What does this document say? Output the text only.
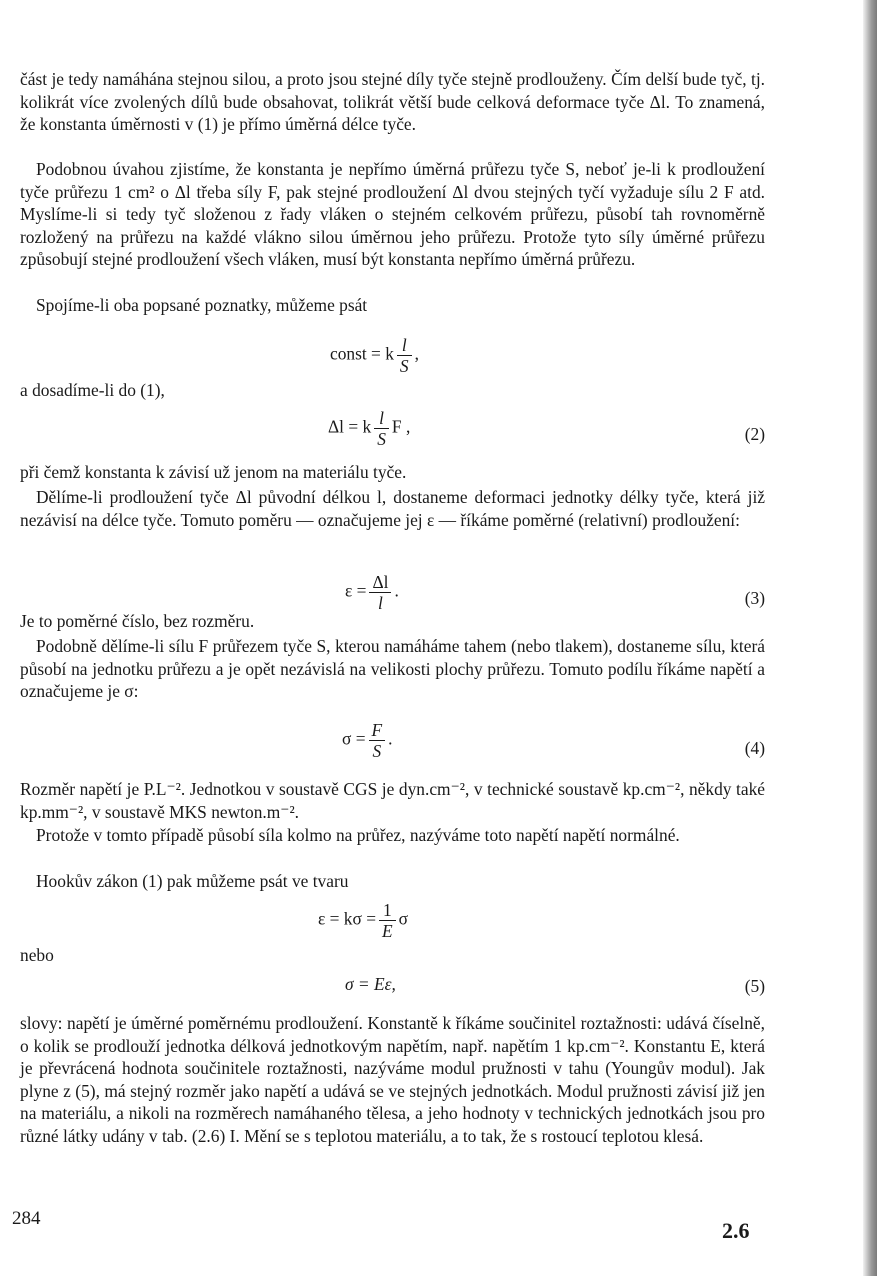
část je tedy namáhána stejnou silou, a proto jsou stejné díly tyče stejně prodlouženy. Čím delší bude tyč, tj. kolikrát více zvolených dílů bude obsahovat, tolikrát větší bude celková deformace tyče Δl. To znamená, že konstanta úměrnosti v (1) je přímo úměrná délce tyče.

Podobnou úvahou zjistíme, že konstanta je nepřímo úměrná průřezu tyče S, neboť je-li k prodloužení tyče průřezu 1 cm² o Δl třeba síly F, pak stejné prodloužení Δl dvou stejných tyčí vyžaduje sílu 2 F atd. Myslíme-li si tedy tyč složenou z řady vláken o stejném celkovém průřezu, působí tah rovnoměrně rozložený na průřezu na každé vlákno silou úměrnou jeho průřezu. Protože tyto síly úměrné průřezu způsobují stejné prodloužení všech vláken, musí být konstanta nepřímo úměrná průřezu.

Spojíme-li oba popsané poznatky, můžeme psát

const = k $\frac{l}{S}$ ,

a dosadíme-li do (1),

Δl = k $\frac{l}{S}$ F ,	(2)

při čemž konstanta k závisí už jenom na materiálu tyče.

Dělíme-li prodloužení tyče Δl původní délkou l, dostaneme deformaci jednotky délky tyče, která již nezávisí na délce tyče. Tomuto poměru — označujeme jej ε — říkáme poměrné (relativní) prodloužení:

$\varepsilon = \frac{\Delta l}{l}$ .	(3)

Je to poměrné číslo, bez rozměru.

Podobně dělíme-li sílu F průřezem tyče S, kterou namáháme tahem (nebo tlakem), dostaneme sílu, která působí na jednotku průřezu a je opět nezávislá na velikosti plochy průřezu. Tomuto podílu říkáme napětí a označujeme je σ:

$\sigma = \frac{F}{S}$ .	(4)

Rozměr napětí je P.L⁻². Jednotkou v soustavě CGS je dyn.cm⁻², v technické soustavě kp.cm⁻², někdy také kp.mm⁻², v soustavě MKS newton.m⁻².

Protože v tomto případě působí síla kolmo na průřez, nazýváme toto napětí napětí normálné.

Hookův zákon (1) pak můžeme psát ve tvaru

$\varepsilon = k\sigma = \frac{1}{E}$ σ

nebo

σ = Eε,	(5)

slovy: napětí je úměrné poměrnému prodloužení. Konstantě k říkáme součinitel roztažnosti: udává číselně, o kolik se prodlouží jednotka délková jednotkovým napětím, např. napětím 1 kp.cm⁻². Konstantu E, která je převrácená hodnota součinitele roztažnosti, nazýváme modul pružnosti v tahu (Youngův modul). Jak plyne z (5), má stejný rozměr jako napětí a udává se ve stejných jednotkách. Modul pružnosti závisí již jen na materiálu, a nikoli na rozměrech namáhaného tělesa, a jeho hodnoty v technických jednotkách jsou pro různé látky udány v tab. (2.6) I. Mění se s teplotou materiálu, a to tak, že s rostoucí teplotou klesá.

284	2.6
